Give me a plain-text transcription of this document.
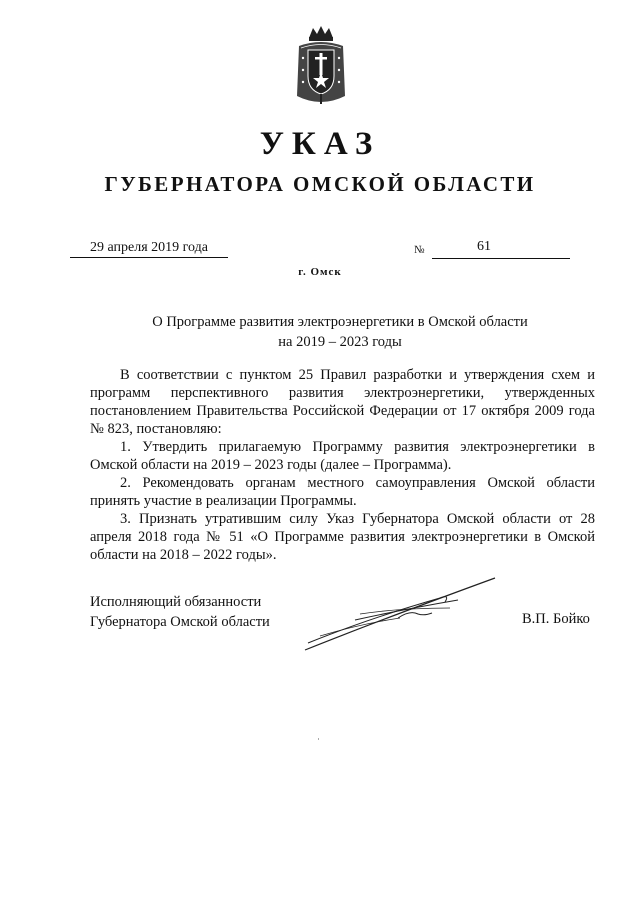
УКАЗ
ГУБЕРНАТОРА ОМСКОЙ ОБЛАСТИ
29 апреля 2019 года	№	61
г. Омск
О Программе развития электроэнергетики в Омской области
на 2019 – 2023 годы

В соответствии с пунктом 25 Правил разработки и утверждения схем и программ перспективного развития электроэнергетики, утвержденных постановлением Правительства Российской Федерации от 17 октября 2009 года № 823, постановляю:

1. Утвердить прилагаемую Программу развития электроэнергетики в Омской области на 2019 – 2023 годы (далее – Программа).

2. Рекомендовать органам местного самоуправления Омской области принять участие в реализации Программы.

3. Признать утратившим силу Указ Губернатора Омской области от 28 апреля 2018 года № 51 «О Программе развития электроэнергетики в Омской области на 2018 – 2022 годы».

Исполняющий обязанности
Губернатора Омской области	В.П. Бойко
